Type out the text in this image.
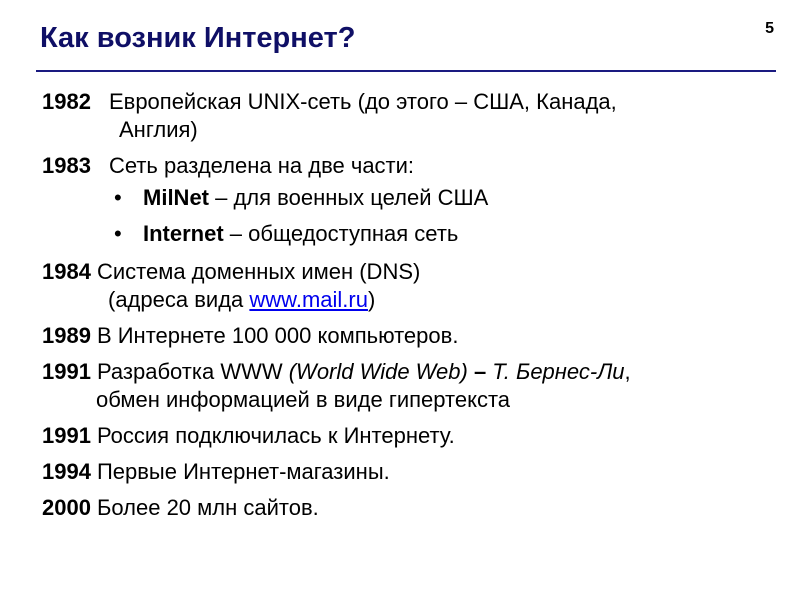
Как возник Интернет?	5
1982 Европейская UNIX-сеть (до этого – США, Канада,
Англия)
1983 Сеть разделена на две части:
• MilNet – для военных целей США
• Internet – общедоступная сеть
1984 Система доменных имен (DNS)
(адреса вида www.mail.ru)
1989 В Интернете 100 000 компьютеров.
1991 Разработка WWW (World Wide Web) – Т. Бернес-Ли,
обмен информацией в виде гипертекста
1991 Россия подключилась к Интернету.
1994 Первые Интернет-магазины.
2000 Более 20 млн сайтов.
